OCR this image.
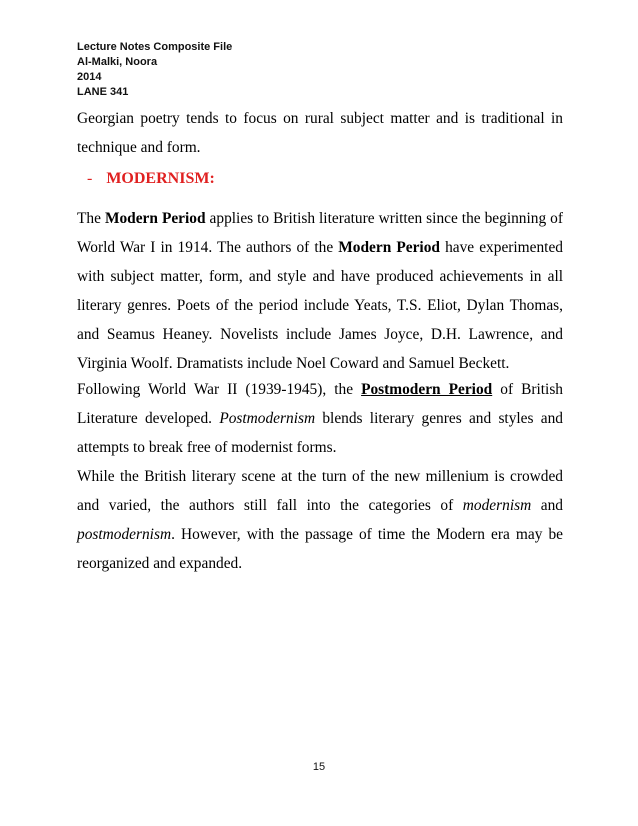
Lecture Notes Composite File
Al-Malki, Noora
2014
LANE 341

Georgian poetry tends to focus on rural subject matter and is traditional in technique and form.

- MODERNISM:

The Modern Period applies to British literature written since the beginning of World War I in 1914. The authors of the Modern Period have experimented with subject matter, form, and style and have produced achievements in all literary genres. Poets of the period include Yeats, T.S. Eliot, Dylan Thomas, and Seamus Heaney. Novelists include James Joyce, D.H. Lawrence, and Virginia Woolf. Dramatists include Noel Coward and Samuel Beckett.

Following World War II (1939-1945), the Postmodern Period of British Literature developed. Postmodernism blends literary genres and styles and attempts to break free of modernist forms.

While the British literary scene at the turn of the new millenium is crowded and varied, the authors still fall into the categories of modernism and postmodernism. However, with the passage of time the Modern era may be reorganized and expanded.

15
